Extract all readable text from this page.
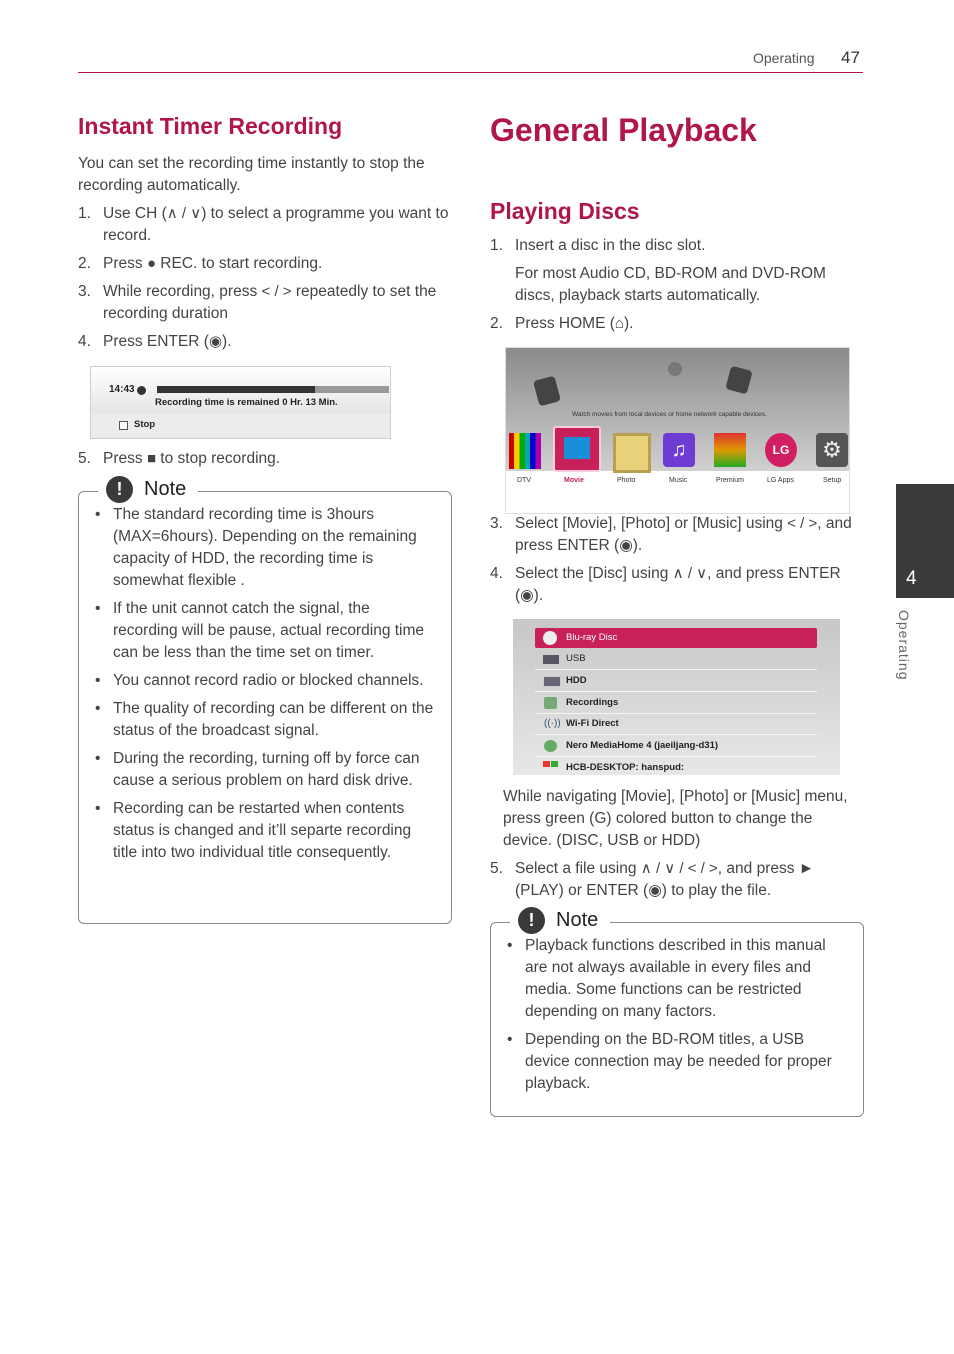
Operating 47
Instant Timer Recording
You can set the recording time instantly to stop the recording automatically.
1. Use CH (∧ / ∨) to select a programme you want to record.
2. Press ● REC. to start recording.
3. While recording, press < / > repeatedly to set the recording duration
4. Press ENTER (◉).
14:43
Recording time is remained 0 Hr. 13 Min.
Stop
5. Press ■ to stop recording.
!	Note
• The standard recording time is 3hours (MAX=6hours). Depending on the remaining capacity of HDD, the recording time is somewhat flexible .
• If the unit cannot catch the signal, the recording will be pause, actual recording time can be less than the time set on timer.
• You cannot record radio or blocked channels.
• The quality of recording can be different on the status of the broadcast signal.
• During the recording, turning off by force can cause a serious problem on hard disk drive.
• Recording can be restarted when contents status is changed and it’ll separte recording title into two individual title consequently.
General Playback
Playing Discs
1. Insert a disc in the disc slot.
For most Audio CD, BD-ROM and DVD-ROM discs, playback starts automatically.
2. Press HOME (⌂).
Watch movies from local devices or home network capable devices.
♫	LG	⚙
DTV	Movie	Photo	Music	Premium	LG Apps	Setup
3. Select [Movie], [Photo] or [Music] using < / >, and press ENTER (◉).
4. Select the [Disc] using ∧ / ∨, and press ENTER (◉).
Blu-ray Disc
USB
HDD
Recordings
((·)) Wi-Fi Direct
Nero MediaHome 4 (jaeiljang-d31)
HCB-DESKTOP: hanspud:
While navigating [Movie], [Photo] or [Music] menu, press green (G) colored button to change the device. (DISC, USB or HDD)
5. Select a file using ∧ / ∨ / < / >, and press ► (PLAY) or ENTER (◉) to play the file.
!	Note
• Playback functions described in this manual are not always available in every files and media. Some functions can be restricted depending on many factors.
• Depending on the BD-ROM titles, a USB device connection may be needed for proper playback.
4
Operating
